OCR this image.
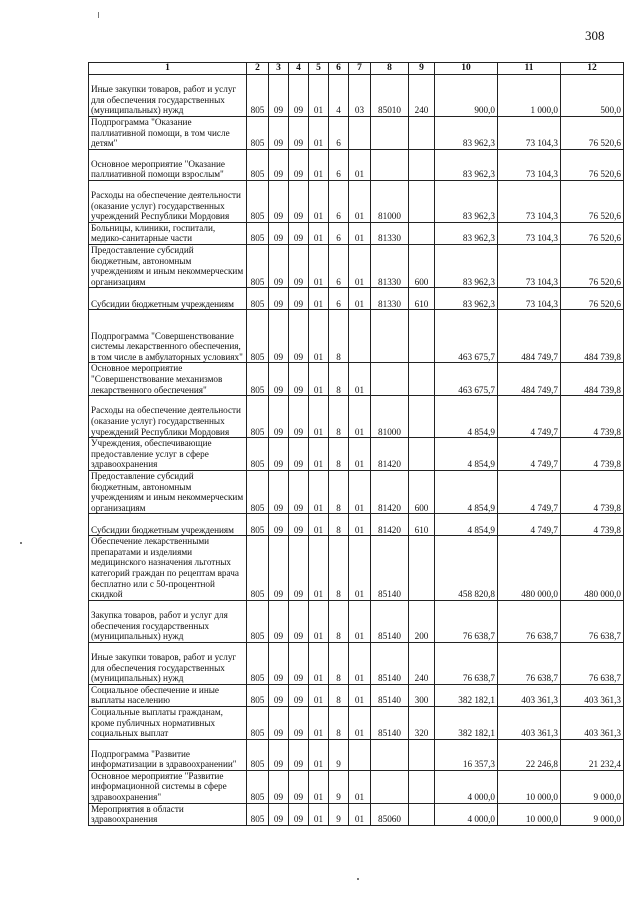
308
1	2	3	4	5	6	7	8	9	10	11	12
Иные закупки товаров, работ и услуг для обеспечения государственных (муниципальных) нужд	805	09	09	01	4	03	85010	240	900,0	1 000,0	500,0
Подпрограмма "Оказание паллиативной помощи, в том числе детям"	805	09	09	01	6				83 962,3	73 104,3	76 520,6
Основное мероприятие "Оказание паллиативной помощи взрослым"	805	09	09	01	6	01			83 962,3	73 104,3	76 520,6
Расходы на обеспечение деятельности (оказание услуг) государственных учреждений Республики Мордовия	805	09	09	01	6	01	81000		83 962,3	73 104,3	76 520,6
Больницы, клиники, госпитали, медико-санитарные части	805	09	09	01	6	01	81330		83 962,3	73 104,3	76 520,6
Предоставление субсидий бюджетным, автономным учреждениям и иным некоммерческим организациям	805	09	09	01	6	01	81330	600	83 962,3	73 104,3	76 520,6
Субсидии бюджетным учреждениям	805	09	09	01	6	01	81330	610	83 962,3	73 104,3	76 520,6
Подпрограмма "Совершенствование системы лекарственного обеспечения, в том числе в амбулаторных условиях"	805	09	09	01	8				463 675,7	484 749,7	484 739,8
Основное мероприятие "Совершенствование механизмов лекарственного обеспечения"	805	09	09	01	8	01			463 675,7	484 749,7	484 739,8
Расходы на обеспечение деятельности (оказание услуг) государственных учреждений Республики Мордовия	805	09	09	01	8	01	81000		4 854,9	4 749,7	4 739,8
Учреждения, обеспечивающие предоставление услуг в сфере здравоохранения	805	09	09	01	8	01	81420		4 854,9	4 749,7	4 739,8
Предоставление субсидий бюджетным, автономным учреждениям и иным некоммерческим организациям	805	09	09	01	8	01	81420	600	4 854,9	4 749,7	4 739,8
Субсидии бюджетным учреждениям	805	09	09	01	8	01	81420	610	4 854,9	4 749,7	4 739,8
Обеспечение лекарственными препаратами и изделиями медицинского назначения льготных категорий граждан по рецептам врача бесплатно или с 50-процентной скидкой	805	09	09	01	8	01	85140		458 820,8	480 000,0	480 000,0
Закупка товаров, работ и услуг для обеспечения государственных (муниципальных) нужд	805	09	09	01	8	01	85140	200	76 638,7	76 638,7	76 638,7
Иные закупки товаров, работ и услуг для обеспечения государственных (муниципальных) нужд	805	09	09	01	8	01	85140	240	76 638,7	76 638,7	76 638,7
Социальное обеспечение и иные выплаты населению	805	09	09	01	8	01	85140	300	382 182,1	403 361,3	403 361,3
Социальные выплаты гражданам, кроме публичных нормативных социальных выплат	805	09	09	01	8	01	85140	320	382 182,1	403 361,3	403 361,3
Подпрограмма "Развитие информатизации в здравоохранении"	805	09	09	01	9				16 357,3	22 246,8	21 232,4
Основное мероприятие "Развитие информационной системы в сфере здравоохранения"	805	09	09	01	9	01			4 000,0	10 000,0	9 000,0
Мероприятия в области здравоохранения	805	09	09	01	9	01	85060		4 000,0	10 000,0	9 000,0
